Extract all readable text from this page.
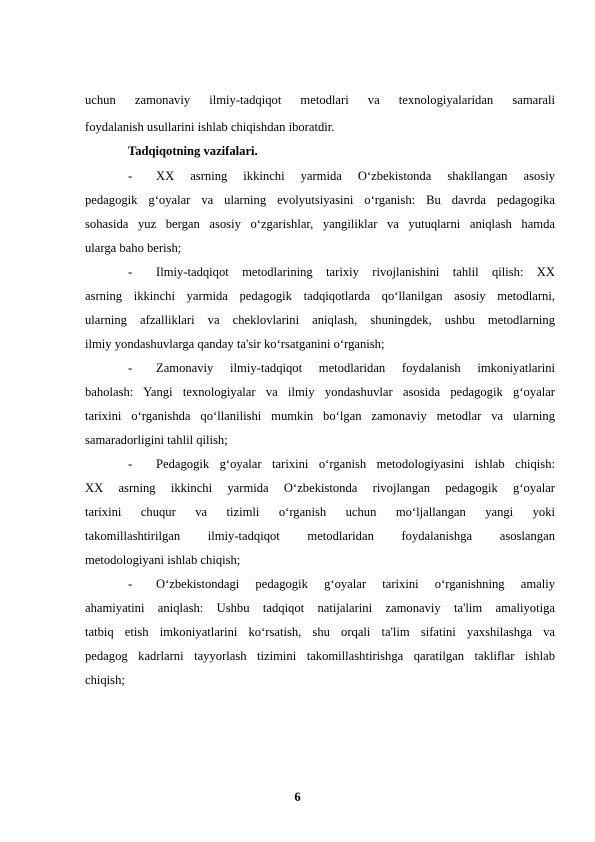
uchun zamonaviy ilmiy-tadqiqot metodlari va texnologiyalaridan samarali
foydalanish usullarini ishlab chiqishdan iboratdir.
Tadqiqotning vazifalari.
-	XX asrning ikkinchi yarmida O‘zbekistonda shakllangan asosiy
pedagogik g‘oyalar va ularning evolyutsiyasini o‘rganish: Bu davrda pedagogika
sohasida yuz bergan asosiy o‘zgarishlar, yangiliklar va yutuqlarni aniqlash hamda
ularga baho berish;
-	Ilmiy-tadqiqot metodlarining tarixiy rivojlanishini tahlil qilish: XX
asrning ikkinchi yarmida pedagogik tadqiqotlarda qo‘llanilgan asosiy metodlarni,
ularning afzalliklari va cheklovlarini aniqlash, shuningdek, ushbu metodlarning
ilmiy yondashuvlarga qanday ta'sir ko‘rsatganini o‘rganish;
-	Zamonaviy ilmiy-tadqiqot metodlaridan foydalanish imkoniyatlarini
baholash: Yangi texnologiyalar va ilmiy yondashuvlar asosida pedagogik g‘oyalar
tarixini o‘rganishda qo‘llanilishi mumkin bo‘lgan zamonaviy metodlar va ularning
samaradorligini tahlil qilish;
-	Pedagogik g‘oyalar tarixini o‘rganish metodologiyasini ishlab chiqish:
XX asrning ikkinchi yarmida O‘zbekistonda rivojlangan pedagogik g‘oyalar
tarixini chuqur va tizimli o‘rganish uchun mo‘ljallangan yangi yoki
takomillashtirilgan ilmiy-tadqiqot metodlaridan foydalanishga asoslangan
metodologiyani ishlab chiqish;
-	O‘zbekistondagi pedagogik g‘oyalar tarixini o‘rganishning amaliy
ahamiyatini aniqlash: Ushbu tadqiqot natijalarini zamonaviy ta'lim amaliyotiga
tatbiq etish imkoniyatlarini ko‘rsatish, shu orqali ta'lim sifatini yaxshilashga va
pedagog kadrlarni tayyorlash tizimini takomillashtirishga qaratilgan takliflar ishlab
chiqish;
6
